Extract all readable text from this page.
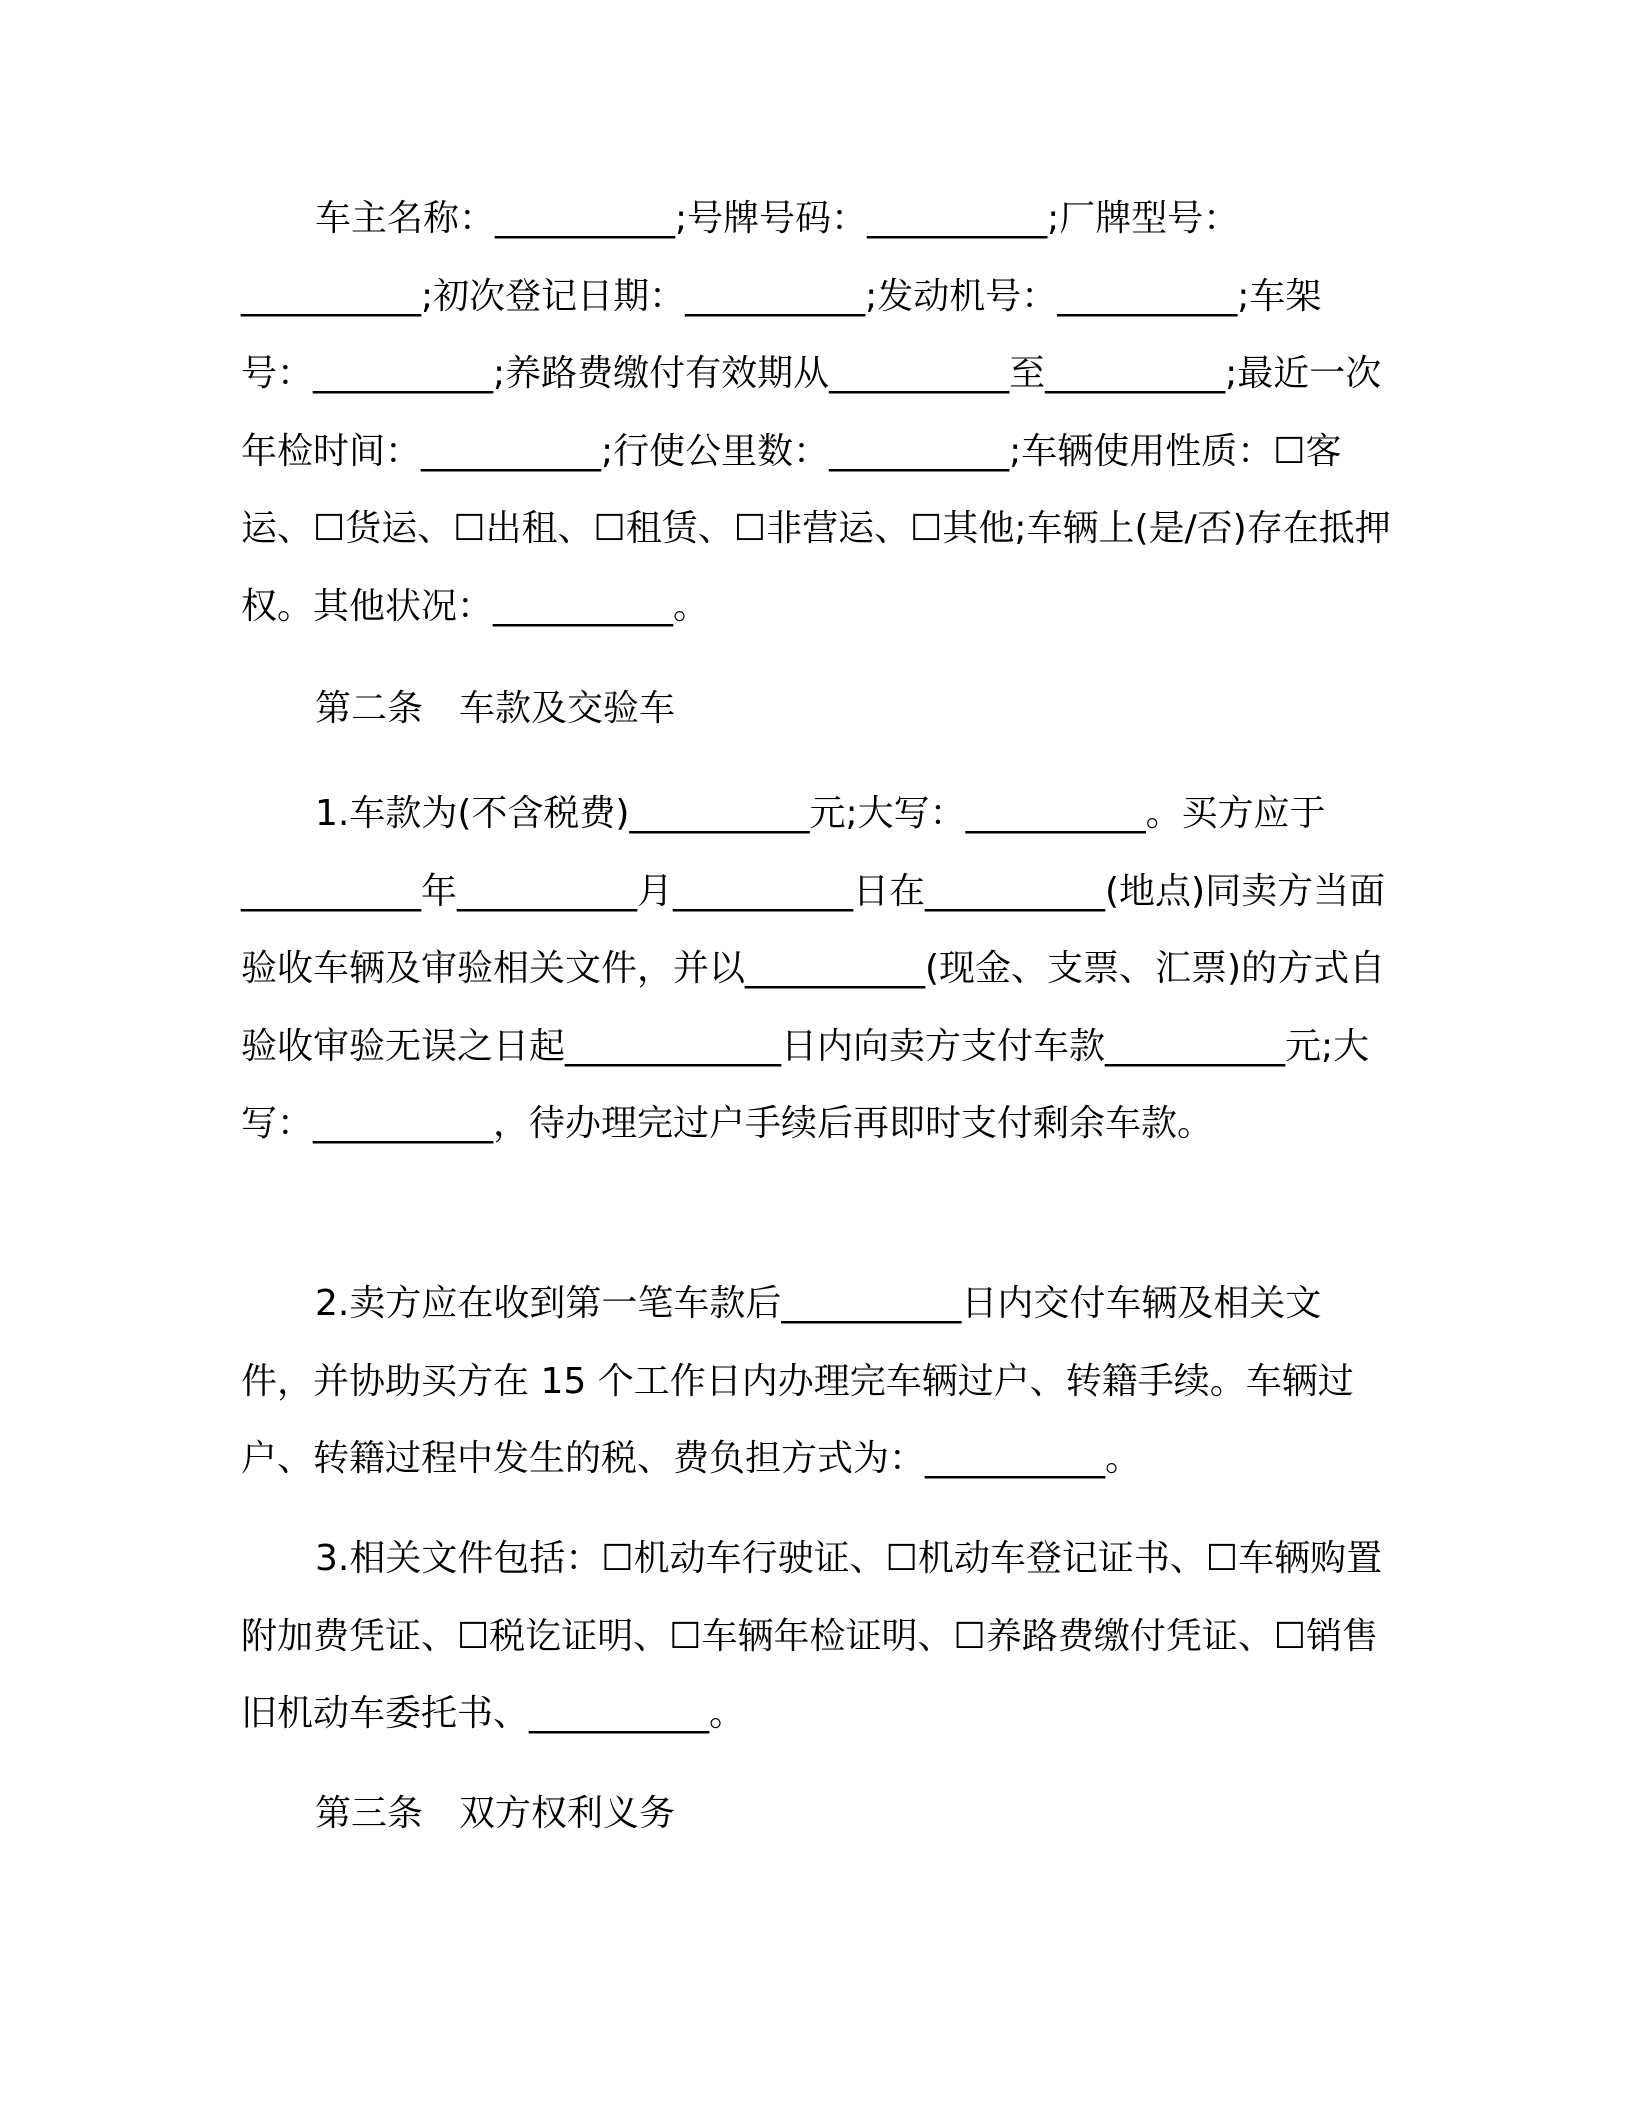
车主名称：__________;号牌号码：__________;厂牌型号：__________;初次登记日期：__________;发动机号：__________;车架号：__________;养路费缴付有效期从__________至__________;最近一次年检时间：__________;行使公里数：__________;车辆使用性质：☐客运、☐货运、☐出租、☐租赁、☐非营运、☐其他;车辆上(是/否)存在抵押权。其他状况：__________。

第二条　车款及交验车

1.车款为(不含税费)__________元;大写：__________。买方应于__________年__________月__________日在__________(地点)同卖方当面验收车辆及审验相关文件，并以__________(现金、支票、汇票)的方式自验收审验无误之日起____________日内向卖方支付车款__________元;大写：__________，待办理完过户手续后再即时支付剩余车款。

2.卖方应在收到第一笔车款后__________日内交付车辆及相关文件，并协助买方在 15 个工作日内办理完车辆过户、转籍手续。车辆过户、转籍过程中发生的税、费负担方式为：__________。

3.相关文件包括：☐机动车行驶证、☐机动车登记证书、☐车辆购置附加费凭证、☐税讫证明、☐车辆年检证明、☐养路费缴付凭证、☐销售旧机动车委托书、__________。

第三条　双方权利义务
